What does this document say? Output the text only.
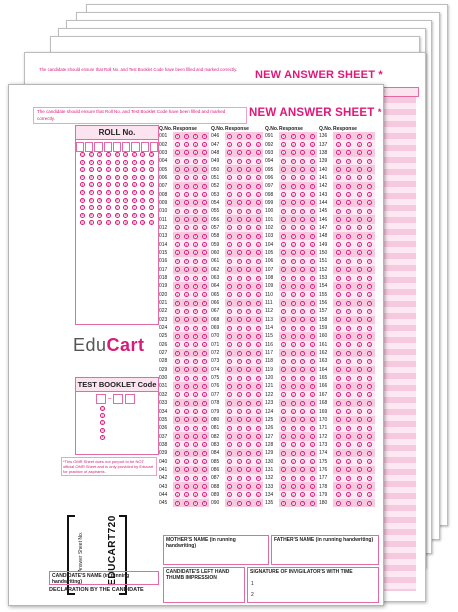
The candidate should ensure that Roll No. and Test Booklet Code have been filled and marked correctly. NEW ANSWER SHEET *
The candidate should ensure that Roll No. and Test Booklet Code have been filled and marked correctly.	NEW ANSWER SHEET *
ROLL No.
0	0	0	0	0	0	0	0	0
1	1	1	1	1	1	1	1	1
2	2	2	2	2	2	2	2	2
3	3	3	3	3	3	3	3	3
4	4	4	4	4	4	4	4	4
5	5	5	5	5	5	5	5	5
6	6	6	6	6	6	6	6	6
7	7	7	7	7	7	7	7	7
8	8	8	8	8	8	8	8	8
9	9	9	9	9	9	9	9	9
EduCart
TEST BOOKLET Code
–
0
1
2
3
4
*This OMR Sheet does not purport to be NOT official OMR Sheet and is only provided by Educart for practice of aspirants.
Answer Sheet No. EDUCART720
DECLARATION BY THE CANDIDATE
Q.No. Response
001	1	2	3	4
002	1	2	3	4
003	1	2	3	4
004	1	2	3	4
005	1	2	3	4
006	1	2	3	4
007	1	2	3	4
008	1	2	3	4
009	1	2	3	4
010	1	2	3	4
011	1	2	3	4
012	1	2	3	4
013	1	2	3	4
014	1	2	3	4
015	1	2	3	4
016	1	2	3	4
017	1	2	3	4
018	1	2	3	4
019	1	2	3	4
020	1	2	3	4
021	1	2	3	4
022	1	2	3	4
023	1	2	3	4
024	1	2	3	4
025	1	2	3	4
026	1	2	3	4
027	1	2	3	4
028	1	2	3	4
029	1	2	3	4
030	1	2	3	4
031	1	2	3	4
032	1	2	3	4
033	1	2	3	4
034	1	2	3	4
035	1	2	3	4
036	1	2	3	4
037	1	2	3	4
038	1	2	3	4
039	1	2	3	4
040	1	2	3	4
041	1	2	3	4
042	1	2	3	4
043	1	2	3	4
044	1	2	3	4
045	1	2	3	4
Q.No. Response
046	1	2	3	4
047	1	2	3	4
048	1	2	3	4
049	1	2	3	4
050	1	2	3	4
051	1	2	3	4
052	1	2	3	4
053	1	2	3	4
054	1	2	3	4
055	1	2	3	4
056	1	2	3	4
057	1	2	3	4
058	1	2	3	4
059	1	2	3	4
060	1	2	3	4
061	1	2	3	4
062	1	2	3	4
063	1	2	3	4
064	1	2	3	4
065	1	2	3	4
066	1	2	3	4
067	1	2	3	4
068	1	2	3	4
069	1	2	3	4
070	1	2	3	4
071	1	2	3	4
072	1	2	3	4
073	1	2	3	4
074	1	2	3	4
075	1	2	3	4
076	1	2	3	4
077	1	2	3	4
078	1	2	3	4
079	1	2	3	4
080	1	2	3	4
081	1	2	3	4
082	1	2	3	4
083	1	2	3	4
084	1	2	3	4
085	1	2	3	4
086	1	2	3	4
087	1	2	3	4
088	1	2	3	4
089	1	2	3	4
090	1	2	3	4
Q.No. Response
091	1	2	3	4
092	1	2	3	4
093	1	2	3	4
094	1	2	3	4
095	1	2	3	4
096	1	2	3	4
097	1	2	3	4
098	1	2	3	4
099	1	2	3	4
100	1	2	3	4
101	1	2	3	4
102	1	2	3	4
103	1	2	3	4
104	1	2	3	4
105	1	2	3	4
106	1	2	3	4
107	1	2	3	4
108	1	2	3	4
109	1	2	3	4
110	1	2	3	4
111	1	2	3	4
112	1	2	3	4
113	1	2	3	4
114	1	2	3	4
115	1	2	3	4
116	1	2	3	4
117	1	2	3	4
118	1	2	3	4
119	1	2	3	4
120	1	2	3	4
121	1	2	3	4
122	1	2	3	4
123	1	2	3	4
124	1	2	3	4
125	1	2	3	4
126	1	2	3	4
127	1	2	3	4
128	1	2	3	4
129	1	2	3	4
130	1	2	3	4
131	1	2	3	4
132	1	2	3	4
133	1	2	3	4
134	1	2	3	4
135	1	2	3	4
Q.No. Response
136	1	2	3	4
137	1	2	3	4
138	1	2	3	4
139	1	2	3	4
140	1	2	3	4
141	1	2	3	4
142	1	2	3	4
143	1	2	3	4
144	1	2	3	4
145	1	2	3	4
146	1	2	3	4
147	1	2	3	4
148	1	2	3	4
149	1	2	3	4
150	1	2	3	4
151	1	2	3	4
152	1	2	3	4
153	1	2	3	4
154	1	2	3	4
155	1	2	3	4
156	1	2	3	4
157	1	2	3	4
158	1	2	3	4
159	1	2	3	4
160	1	2	3	4
161	1	2	3	4
162	1	2	3	4
163	1	2	3	4
164	1	2	3	4
165	1	2	3	4
166	1	2	3	4
167	1	2	3	4
168	1	2	3	4
169	1	2	3	4
170	1	2	3	4
171	1	2	3	4
172	1	2	3	4
173	1	2	3	4
174	1	2	3	4
175	1	2	3	4
176	1	2	3	4
177	1	2	3	4
178	1	2	3	4
179	1	2	3	4
180	1	2	3	4
MOTHER'S NAME (in running handwriting)
FATHER'S NAME (in running handwriting)
CANDIDATE'S LEFT HAND THUMB IMPRESSION
CANDIDATE'S NAME (in running handwriting)
SIGNATURE OF INVIGILATOR'S WITH TIME
1
2
